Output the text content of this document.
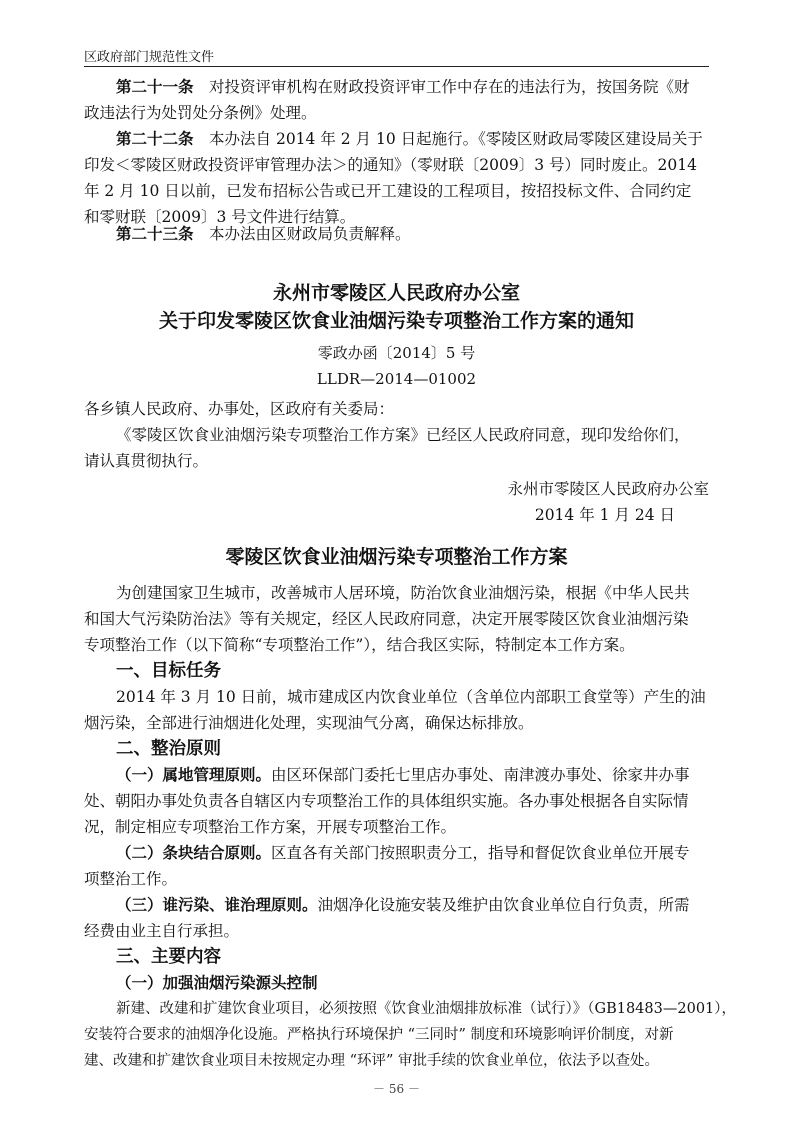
区政府部门规范性文件
第二十一条　 对投资评审机构在财政投资评审工作中存在的违法行为，按国务院《财
政违法行为处罚处分条例》处理。
第二十二条　 本办法自 2014 年 2 月 10 日起施行。《零陵区财政局零陵区建设局关于
印发＜零陵区财政投资评审管理办法＞的通知》（零财联〔2009〕3 号）同时废止。2014
年 2 月 10 日以前，已发布招标公告或已开工建设的工程项目，按招投标文件、合同约定
和零财联〔2009〕3 号文件进行结算。
第二十三条　 本办法由区财政局负责解释。
永州市零陵区人民政府办公室
关于印发零陵区饮食业油烟污染专项整治工作方案的通知
零政办函〔2014〕5 号
LLDR—2014—01002
各乡镇人民政府、办事处，区政府有关委局：
《零陵区饮食业油烟污染专项整治工作方案》已经区人民政府同意，现印发给你们，
请认真贯彻执行。
永州市零陵区人民政府办公室
2014 年 1 月 24 日
零陵区饮食业油烟污染专项整治工作方案
为创建国家卫生城市，改善城市人居环境，防治饮食业油烟污染，根据《中华人民共
和国大气污染防治法》等有关规定，经区人民政府同意，决定开展零陵区饮食业油烟污染
专项整治工作（以下简称“专项整治工作”），结合我区实际，特制定本工作方案。
一、目标任务
2014 年 3 月 10 日前，城市建成区内饮食业单位（含单位内部职工食堂等）产生的油
烟污染，全部进行油烟进化处理，实现油气分离，确保达标排放。
二、整治原则
（一）属地管理原则。由区环保部门委托七里店办事处、南津渡办事处、徐家井办事
处、朝阳办事处负责各自辖区内专项整治工作的具体组织实施。各办事处根据各自实际情
况，制定相应专项整治工作方案，开展专项整治工作。
（二）条块结合原则。区直各有关部门按照职责分工，指导和督促饮食业单位开展专
项整治工作。
（三）谁污染、谁治理原则。油烟净化设施安装及维护由饮食业单位自行负责，所需
经费由业主自行承担。
三、主要内容
（一）加强油烟污染源头控制
新建、改建和扩建饮食业项目，必须按照《饮食业油烟排放标准（试行）》（GB18483—2001），
安装符合要求的油烟净化设施。严格执行环境保护 “三同时” 制度和环境影响评价制度，对新
建、改建和扩建饮食业项目未按规定办理 “环评” 审批手续的饮食业单位，依法予以查处。
－ 56 －
